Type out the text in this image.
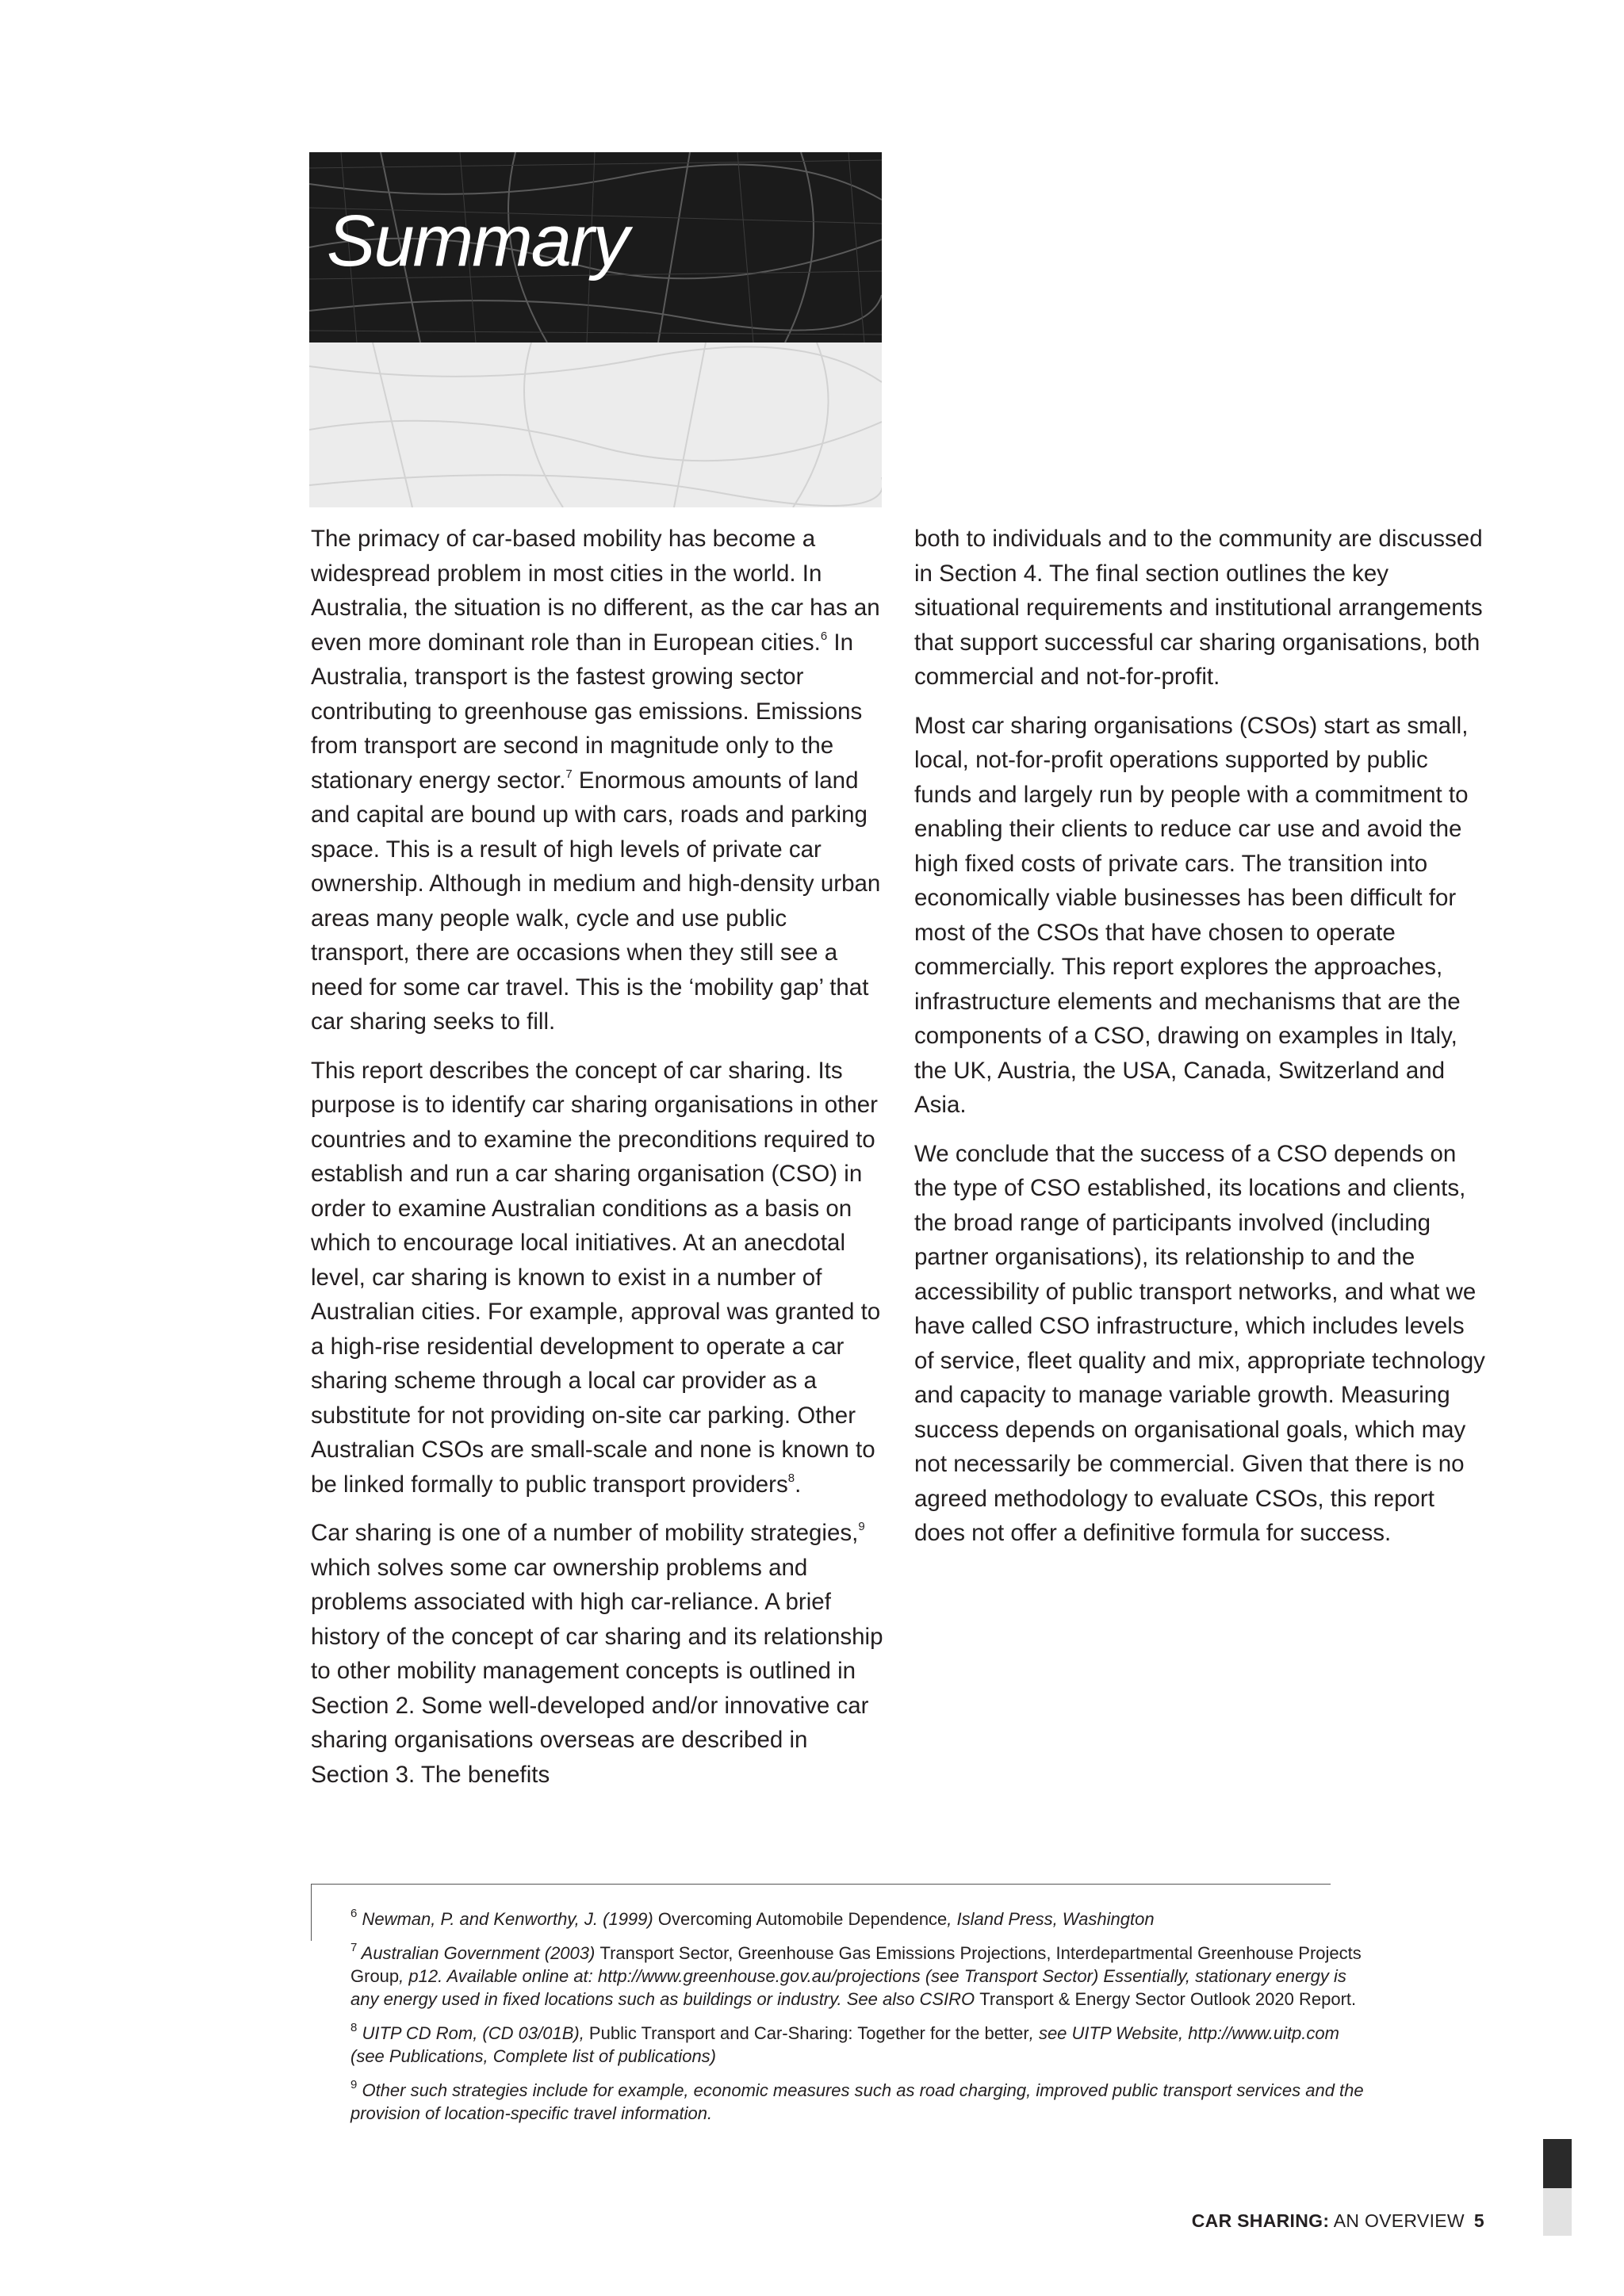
Summary

The primacy of car-based mobility has become a widespread problem in most cities in the world. In Australia, the situation is no different, as the car has an even more dominant role than in European cities.$^6$ In Australia, transport is the fastest growing sector contributing to greenhouse gas emissions. Emissions from transport are second in magnitude only to the stationary energy sector.$^7$ Enormous amounts of land and capital are bound up with cars, roads and parking space. This is a result of high levels of private car ownership. Although in medium and high-density urban areas many people walk, cycle and use public transport, there are occasions when they still see a need for some car travel. This is the ‘mobility gap’ that car sharing seeks to fill.

This report describes the concept of car sharing. Its purpose is to identify car sharing organisations in other countries and to examine the preconditions required to establish and run a car sharing organisation (CSO) in order to examine Australian conditions as a basis on which to encourage local initiatives. At an anecdotal level, car sharing is known to exist in a number of Australian cities. For example, approval was granted to a high-rise residential development to operate a car sharing scheme through a local car provider as a substitute for not providing on-site car parking. Other Australian CSOs are small-scale and none is known to be linked formally to public transport providers$^8$.

Car sharing is one of a number of mobility strategies,$^9$ which solves some car ownership problems and problems associated with high car-reliance. A brief history of the concept of car sharing and its relationship to other mobility management concepts is outlined in Section 2. Some well-developed and/or innovative car sharing organisations overseas are described in Section 3. The benefits

both to individuals and to the community are discussed in Section 4. The final section outlines the key situational requirements and institutional arrangements that support successful car sharing organisations, both commercial and not-for-profit.

Most car sharing organisations (CSOs) start as small, local, not-for-profit operations supported by public funds and largely run by people with a commitment to enabling their clients to reduce car use and avoid the high fixed costs of private cars. The transition into economically viable businesses has been difficult for most of the CSOs that have chosen to operate commercially. This report explores the approaches, infrastructure elements and mechanisms that are the components of a CSO, drawing on examples in Italy, the UK, Austria, the USA, Canada, Switzerland and Asia.

We conclude that the success of a CSO depends on the type of CSO established, its locations and clients, the broad range of participants involved (including partner organisations), its relationship to and the accessibility of public transport networks, and what we have called CSO infrastructure, which includes levels of service, fleet quality and mix, appropriate technology and capacity to manage variable growth. Measuring success depends on organisational goals, which may not necessarily be commercial. Given that there is no agreed methodology to evaluate CSOs, this report does not offer a definitive formula for success.

$^6$ Newman, P. and Kenworthy, J. (1999) Overcoming Automobile Dependence, Island Press, Washington

$^7$ Australian Government (2003) Transport Sector, Greenhouse Gas Emissions Projections, Interdepartmental Greenhouse Projects Group, p12. Available online at: http://www.greenhouse.gov.au/projections (see Transport Sector) Essentially, stationary energy is any energy used in fixed locations such as buildings or industry. See also CSIRO Transport & Energy Sector Outlook 2020 Report.

$^8$ UITP CD Rom, (CD 03/01B), Public Transport and Car-Sharing: Together for the better, see UITP Website, http://www.uitp.com (see Publications, Complete list of publications)

$^9$ Other such strategies include for example, economic measures such as road charging, improved public transport services and the provision of location-specific travel information.

CAR SHARING: AN OVERVIEW 5
